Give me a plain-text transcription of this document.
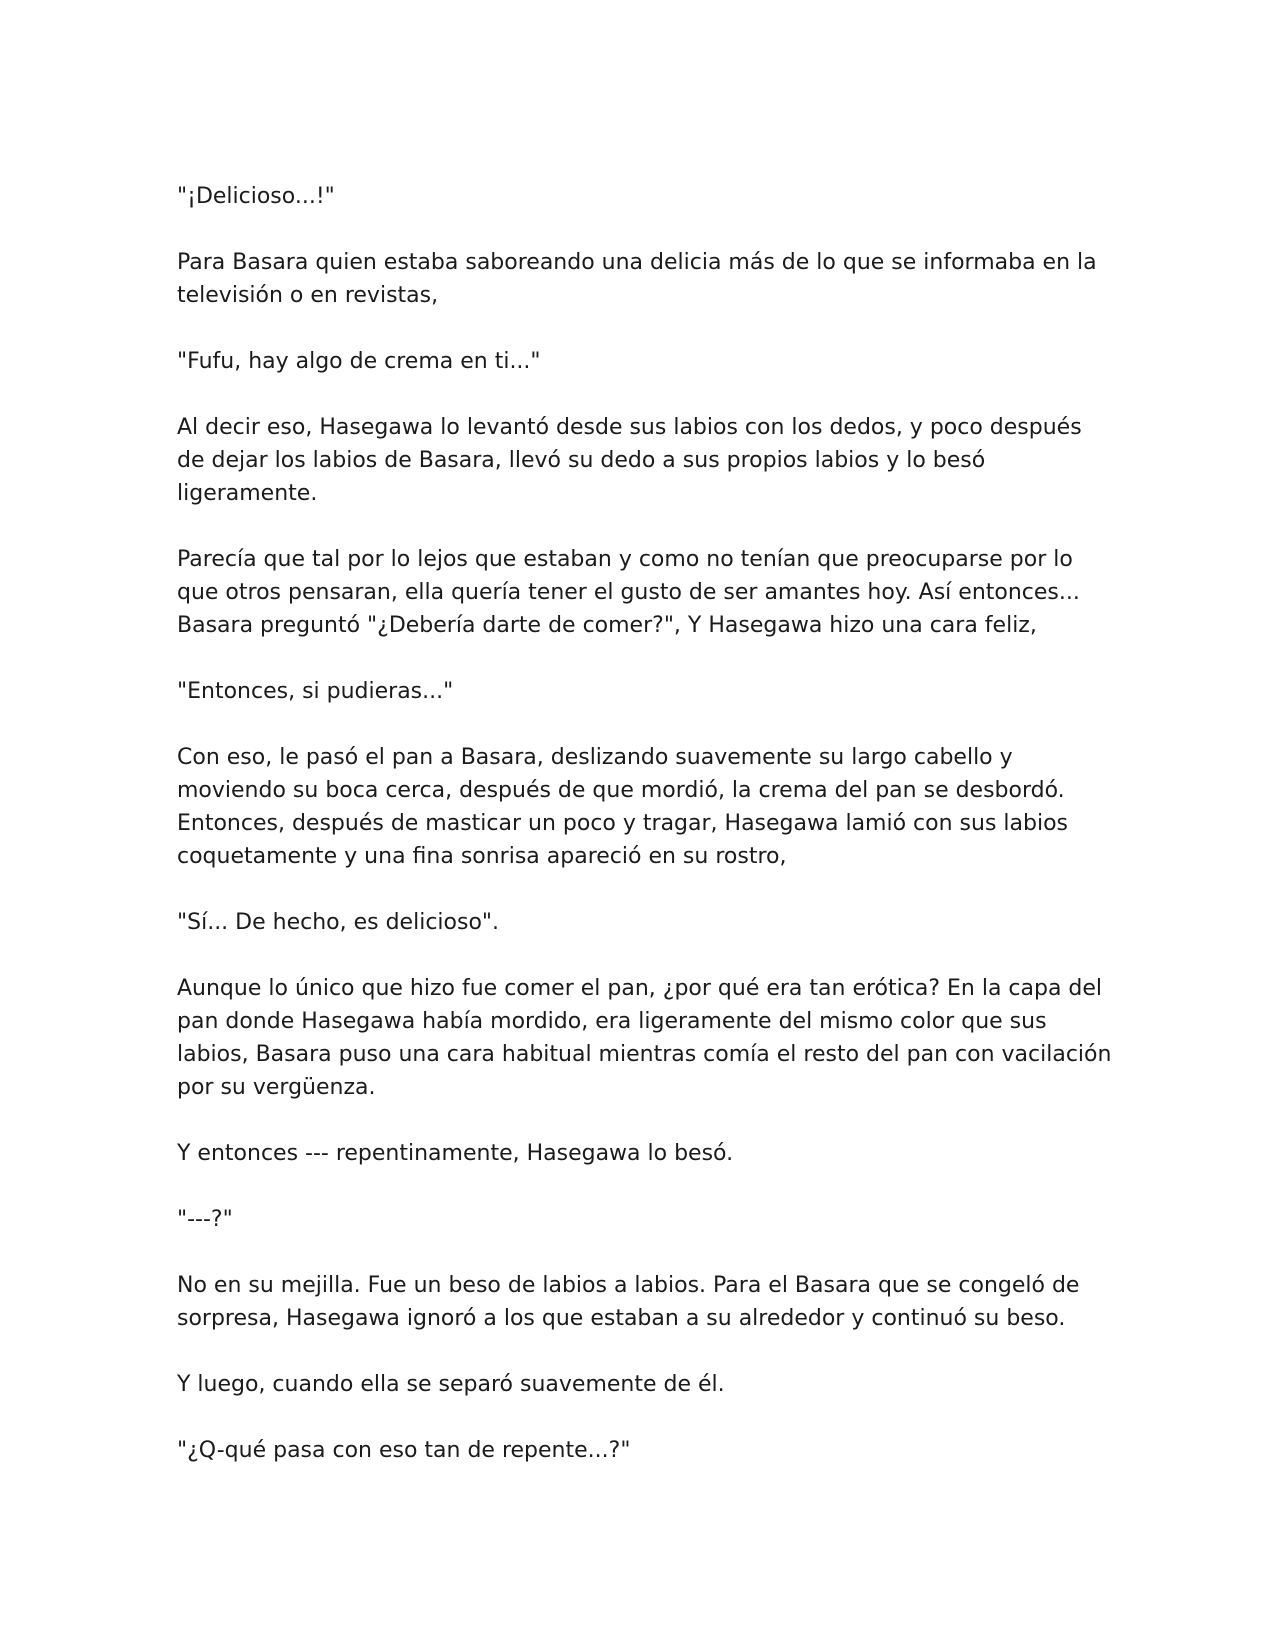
"¡Delicioso...!"

Para Basara quien estaba saboreando una delicia más de lo que se informaba en la televisión o en revistas,

"Fufu, hay algo de crema en ti..."

Al decir eso, Hasegawa lo levantó desde sus labios con los dedos, y poco después de dejar los labios de Basara, llevó su dedo a sus propios labios y lo besó ligeramente.

Parecía que tal por lo lejos que estaban y como no tenían que preocuparse por lo que otros pensaran, ella quería tener el gusto de ser amantes hoy. Así entonces... Basara preguntó "¿Debería darte de comer?", Y Hasegawa hizo una cara feliz,

"Entonces, si pudieras..."

Con eso, le pasó el pan a Basara, deslizando suavemente su largo cabello y moviendo su boca cerca, después de que mordió, la crema del pan se desbordó. Entonces, después de masticar un poco y tragar, Hasegawa lamió con sus labios coquetamente y una fina sonrisa apareció en su rostro,

"Sí... De hecho, es delicioso".

Aunque lo único que hizo fue comer el pan, ¿por qué era tan erótica? En la capa del pan donde Hasegawa había mordido, era ligeramente del mismo color que sus labios, Basara puso una cara habitual mientras comía el resto del pan con vacilación por su vergüenza.

Y entonces --- repentinamente, Hasegawa lo besó.

"---?"

No en su mejilla. Fue un beso de labios a labios. Para el Basara que se congeló de sorpresa, Hasegawa ignoró a los que estaban a su alrededor y continuó su beso.

Y luego, cuando ella se separó suavemente de él.

"¿Q-qué pasa con eso tan de repente...?"
